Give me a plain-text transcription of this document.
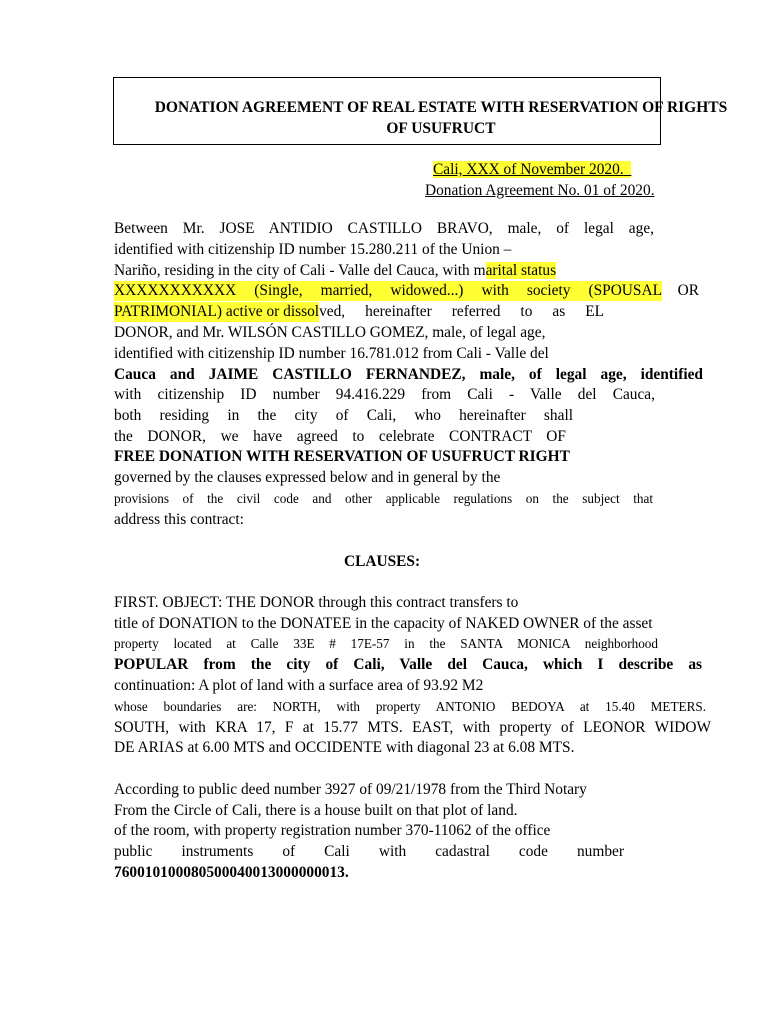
DONATION AGREEMENT OF REAL ESTATE WITH RESERVATION OF RIGHTS
OF USUFRUCT
Cali, XXX of November 2020.
Donation Agreement No. 01 of 2020.
Between Mr. JOSE ANTIDIO CASTILLO BRAVO, male, of legal age,
identified with citizenship ID number 15.280.211 of the Union –
Nariño, residing in the city of Cali - Valle del Cauca, with marital status
XXXXXXXXXXX (Single, married, widowed...) with society (SPOUSAL OR
PATRIMONIAL) active or dissol ved, hereinafter referred to as EL
DONOR, and Mr. WILSÓN CASTILLO GOMEZ, male, of legal age,
identified with citizenship ID number 16.781.012 from Cali - Valle del
Cauca and JAIME CASTILLO FERNANDEZ, male, of legal age, identified
with citizenship ID number 94.416.229 from Cali - Valle del Cauca,
both residing in the city of Cali, who hereinafter shall
the DONOR, we have agreed to celebrate CONTRACT OF
FREE DONATION WITH RESERVATION OF USUFRUCT RIGHT
governed by the clauses expressed below and in general by the
provisions of the civil code and other applicable regulations on the subject that
address this contract:
CLAUSES:
FIRST. OBJECT: THE DONOR through this contract transfers to
title of DONATION to the DONATEE in the capacity of NAKED OWNER of the asset
property located at Calle 33E # 17E-57 in the SANTA MONICA neighborhood
POPULAR from the city of Cali, Valle del Cauca, which I describe as
continuation: A plot of land with a surface area of 93.92 M2
whose boundaries are: NORTH, with property ANTONIO BEDOYA at 15.40 METERS.
SOUTH, with KRA 17, F at 15.77 MTS. EAST, with property of LEONOR WIDOW
DE ARIAS at 6.00 MTS and OCCIDENTE with diagonal 23 at 6.08 MTS.
According to public deed number 3927 of 09/21/1978 from the Third Notary
From the Circle of Cali, there is a house built on that plot of land.
of the room, with property registration number 370-11062 of the office
public instruments of Cali with cadastral code number
760010100080500040013000000013.
